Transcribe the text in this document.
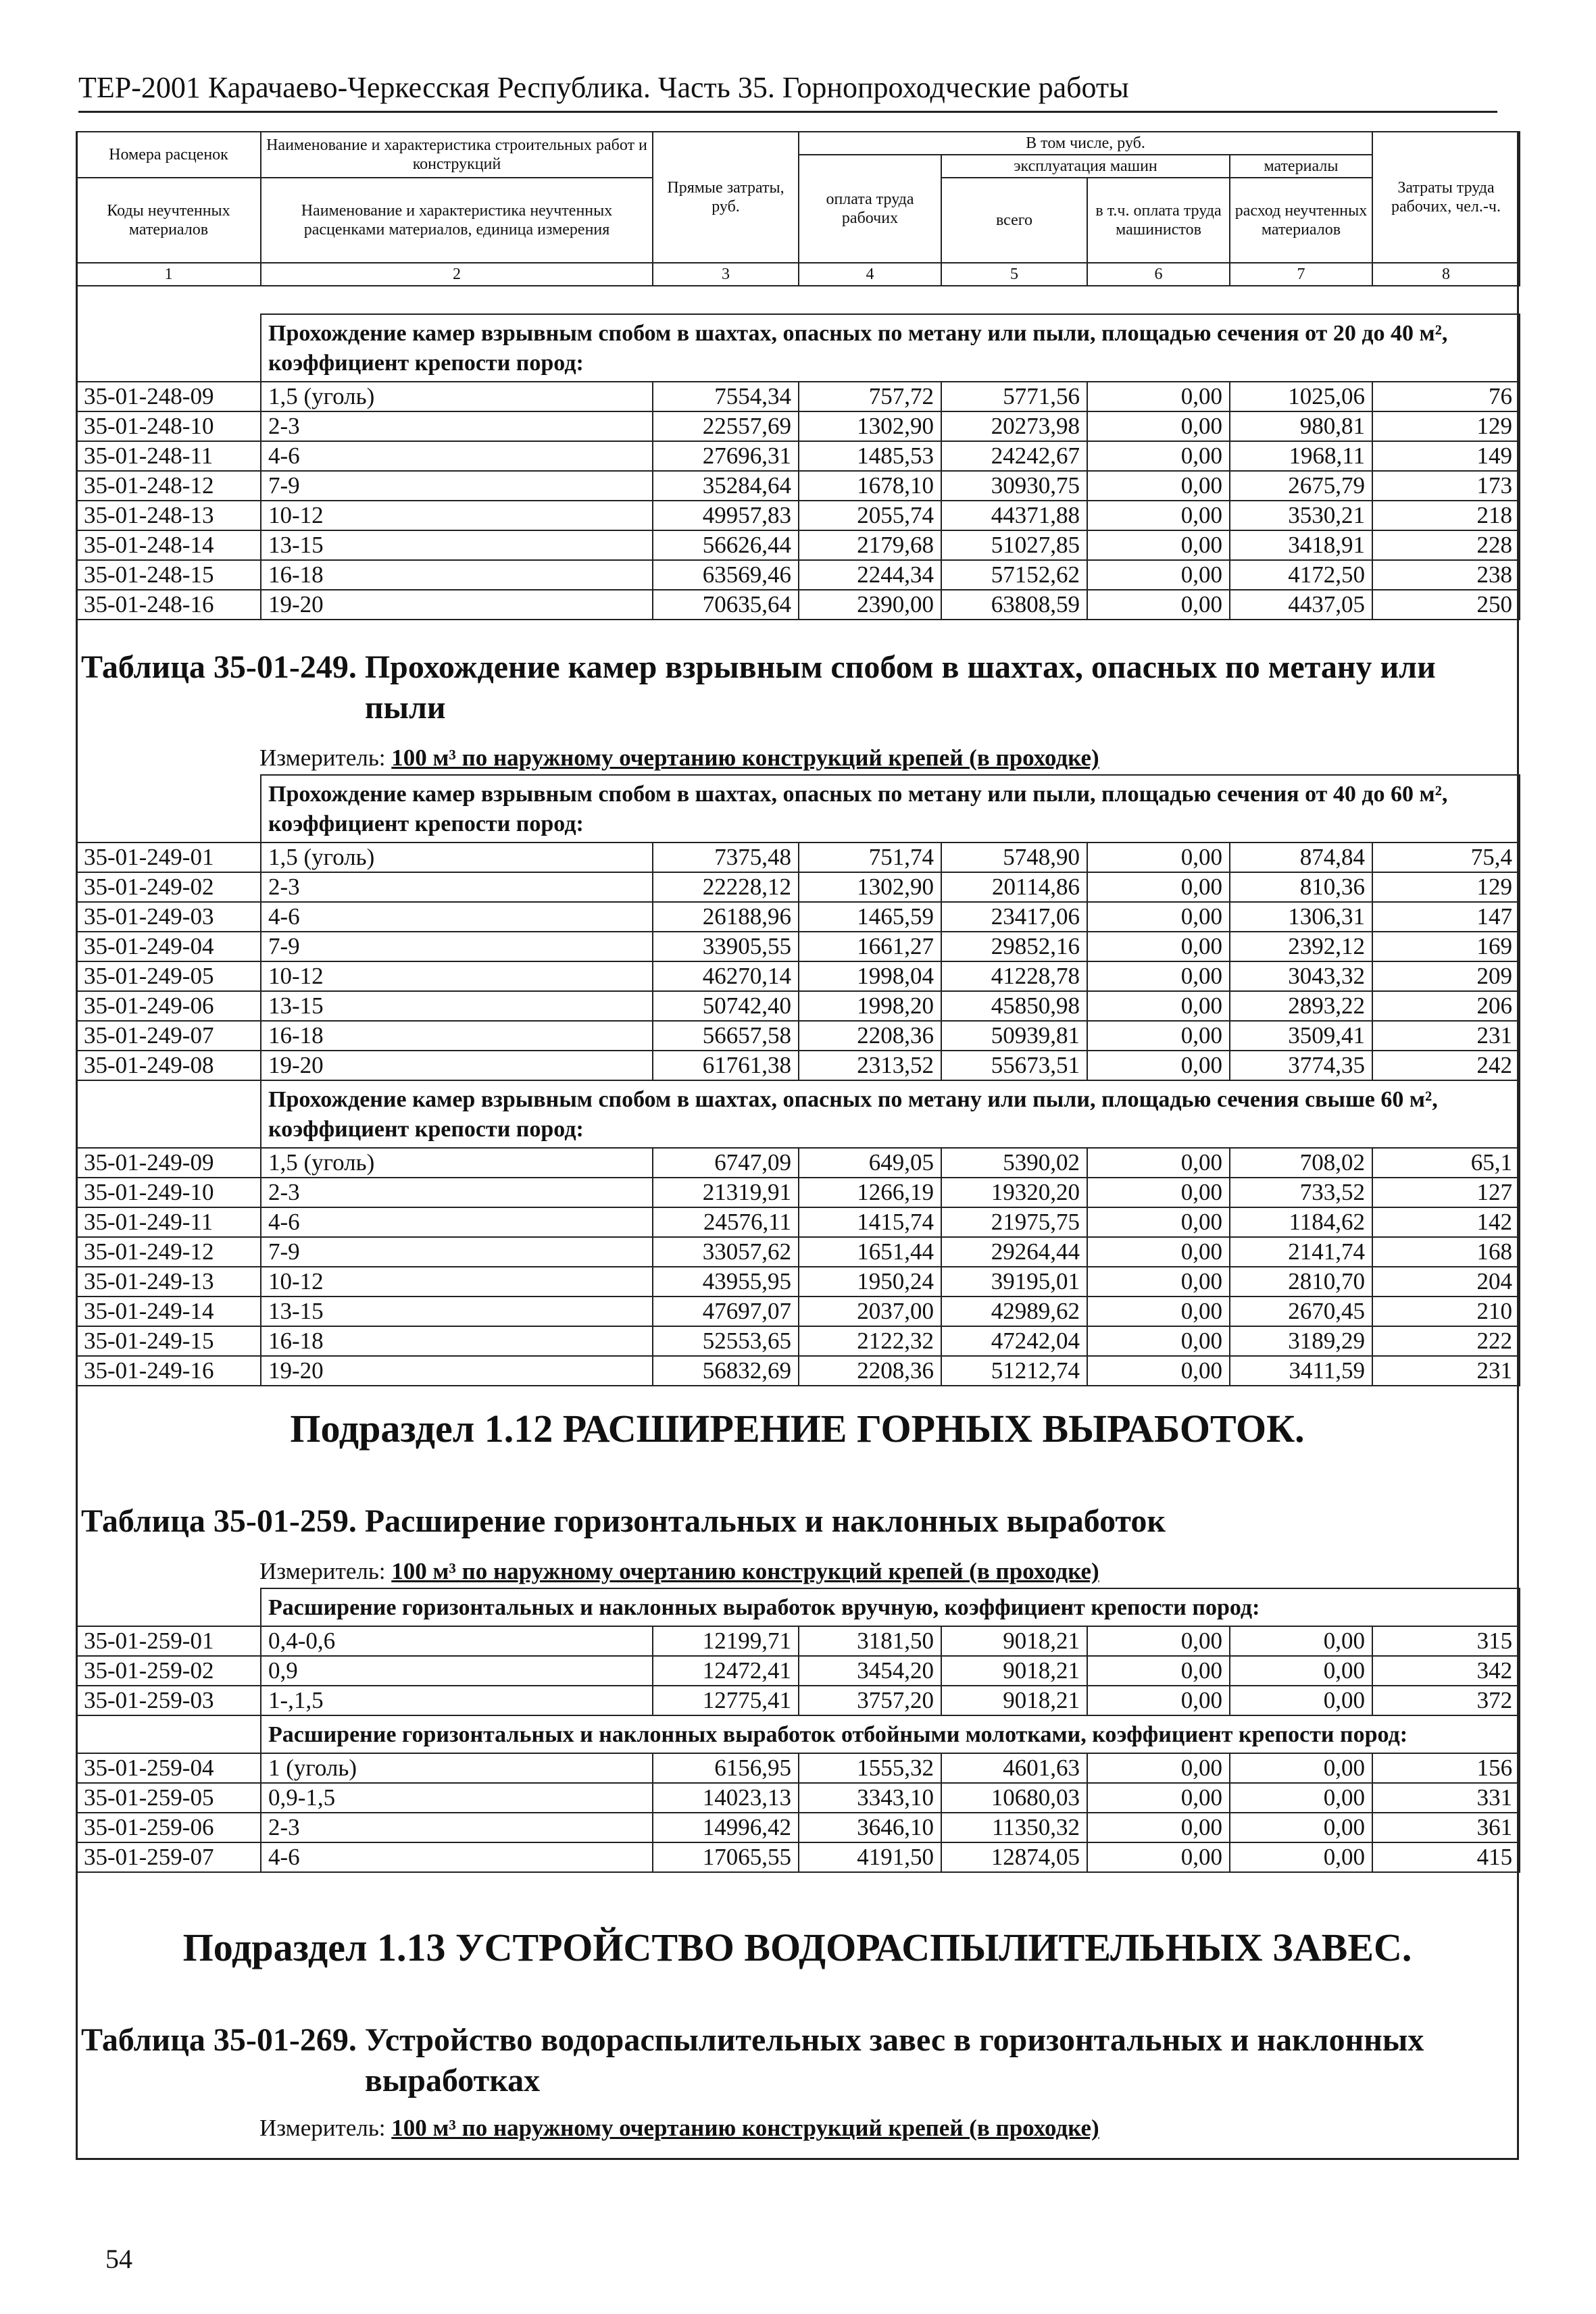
ТЕР-2001 Карачаево-Черкесская Республика. Часть 35. Горнопроходческие работы
Номера расценок	Наименование и характеристика строительных работ и конструкций	Прямые затраты, руб.	В том числе, руб.				Затраты труда рабочих, чел.-ч.
			оплата труда рабочих	эксплуатация машин		материалы	
Коды неучтенных материалов	Наименование и характеристика неучтенных расценками материалов, единица измерения			всего	в т.ч. оплата труда машинистов	расход неучтенных материалов	

1	2	3	4	5	6	7	8
	Прохождение камер взрывным спобом в шахтах, опасных по метану или пыли, площадью сечения от 20 до 40 м², коэффициент крепости пород:						
35-01-248-09	1,5 (уголь)	7554,34	757,72	5771,56	0,00	1025,06	76
35-01-248-10	2-3	22557,69	1302,90	20273,98	0,00	980,81	129
35-01-248-11	4-6	27696,31	1485,53	24242,67	0,00	1968,11	149
35-01-248-12	7-9	35284,64	1678,10	30930,75	0,00	2675,79	173
35-01-248-13	10-12	49957,83	2055,74	44371,88	0,00	3530,21	218
35-01-248-14	13-15	56626,44	2179,68	51027,85	0,00	3418,91	228
35-01-248-15	16-18	63569,46	2244,34	57152,62	0,00	4172,50	238
35-01-248-16	19-20	70635,64	2390,00	63808,59	0,00	4437,05	250
Таблица 35-01-249. Прохождение камер взрывным спобом в шахтах, опасных по метану или пыли
Измеритель: 100 м³ по наружному очертанию конструкций крепей (в проходке)
	Прохождение камер взрывным спобом в шахтах, опасных по метану или пыли, площадью сечения от 40 до 60 м², коэффициент крепости пород:						
35-01-249-01	1,5 (уголь)	7375,48	751,74	5748,90	0,00	874,84	75,4
35-01-249-02	2-3	22228,12	1302,90	20114,86	0,00	810,36	129
35-01-249-03	4-6	26188,96	1465,59	23417,06	0,00	1306,31	147
35-01-249-04	7-9	33905,55	1661,27	29852,16	0,00	2392,12	169
35-01-249-05	10-12	46270,14	1998,04	41228,78	0,00	3043,32	209
35-01-249-06	13-15	50742,40	1998,20	45850,98	0,00	2893,22	206
35-01-249-07	16-18	56657,58	2208,36	50939,81	0,00	3509,41	231
35-01-249-08	19-20	61761,38	2313,52	55673,51	0,00	3774,35	242
	Прохождение камер взрывным спобом в шахтах, опасных по метану или пыли, площадью сечения свыше 60 м², коэффициент крепости пород:						
35-01-249-09	1,5 (уголь)	6747,09	649,05	5390,02	0,00	708,02	65,1
35-01-249-10	2-3	21319,91	1266,19	19320,20	0,00	733,52	127
35-01-249-11	4-6	24576,11	1415,74	21975,75	0,00	1184,62	142
35-01-249-12	7-9	33057,62	1651,44	29264,44	0,00	2141,74	168
35-01-249-13	10-12	43955,95	1950,24	39195,01	0,00	2810,70	204
35-01-249-14	13-15	47697,07	2037,00	42989,62	0,00	2670,45	210
35-01-249-15	16-18	52553,65	2122,32	47242,04	0,00	3189,29	222
35-01-249-16	19-20	56832,69	2208,36	51212,74	0,00	3411,59	231
Подраздел 1.12 РАСШИРЕНИЕ ГОРНЫХ ВЫРАБОТОК.
Таблица 35-01-259. Расширение горизонтальных и наклонных выработок
Измеритель: 100 м³ по наружному очертанию конструкций крепей (в проходке)
	Расширение горизонтальных и наклонных выработок вручную, коэффициент крепости пород:						
35-01-259-01	0,4-0,6	12199,71	3181,50	9018,21	0,00	0,00	315
35-01-259-02	0,9	12472,41	3454,20	9018,21	0,00	0,00	342
35-01-259-03	1-,1,5	12775,41	3757,20	9018,21	0,00	0,00	372
	Расширение горизонтальных и наклонных выработок отбойными молотками, коэффициент крепости пород:						
35-01-259-04	1 (уголь)	6156,95	1555,32	4601,63	0,00	0,00	156
35-01-259-05	0,9-1,5	14023,13	3343,10	10680,03	0,00	0,00	331
35-01-259-06	2-3	14996,42	3646,10	11350,32	0,00	0,00	361
35-01-259-07	4-6	17065,55	4191,50	12874,05	0,00	0,00	415
Подраздел 1.13 УСТРОЙСТВО ВОДОРАСПЫЛИТЕЛЬНЫХ ЗАВЕС.
Таблица 35-01-269. Устройство водораспылительных завес в горизонтальных и наклонных выработках
Измеритель: 100 м³ по наружному очертанию конструкций крепей (в проходке)
54
